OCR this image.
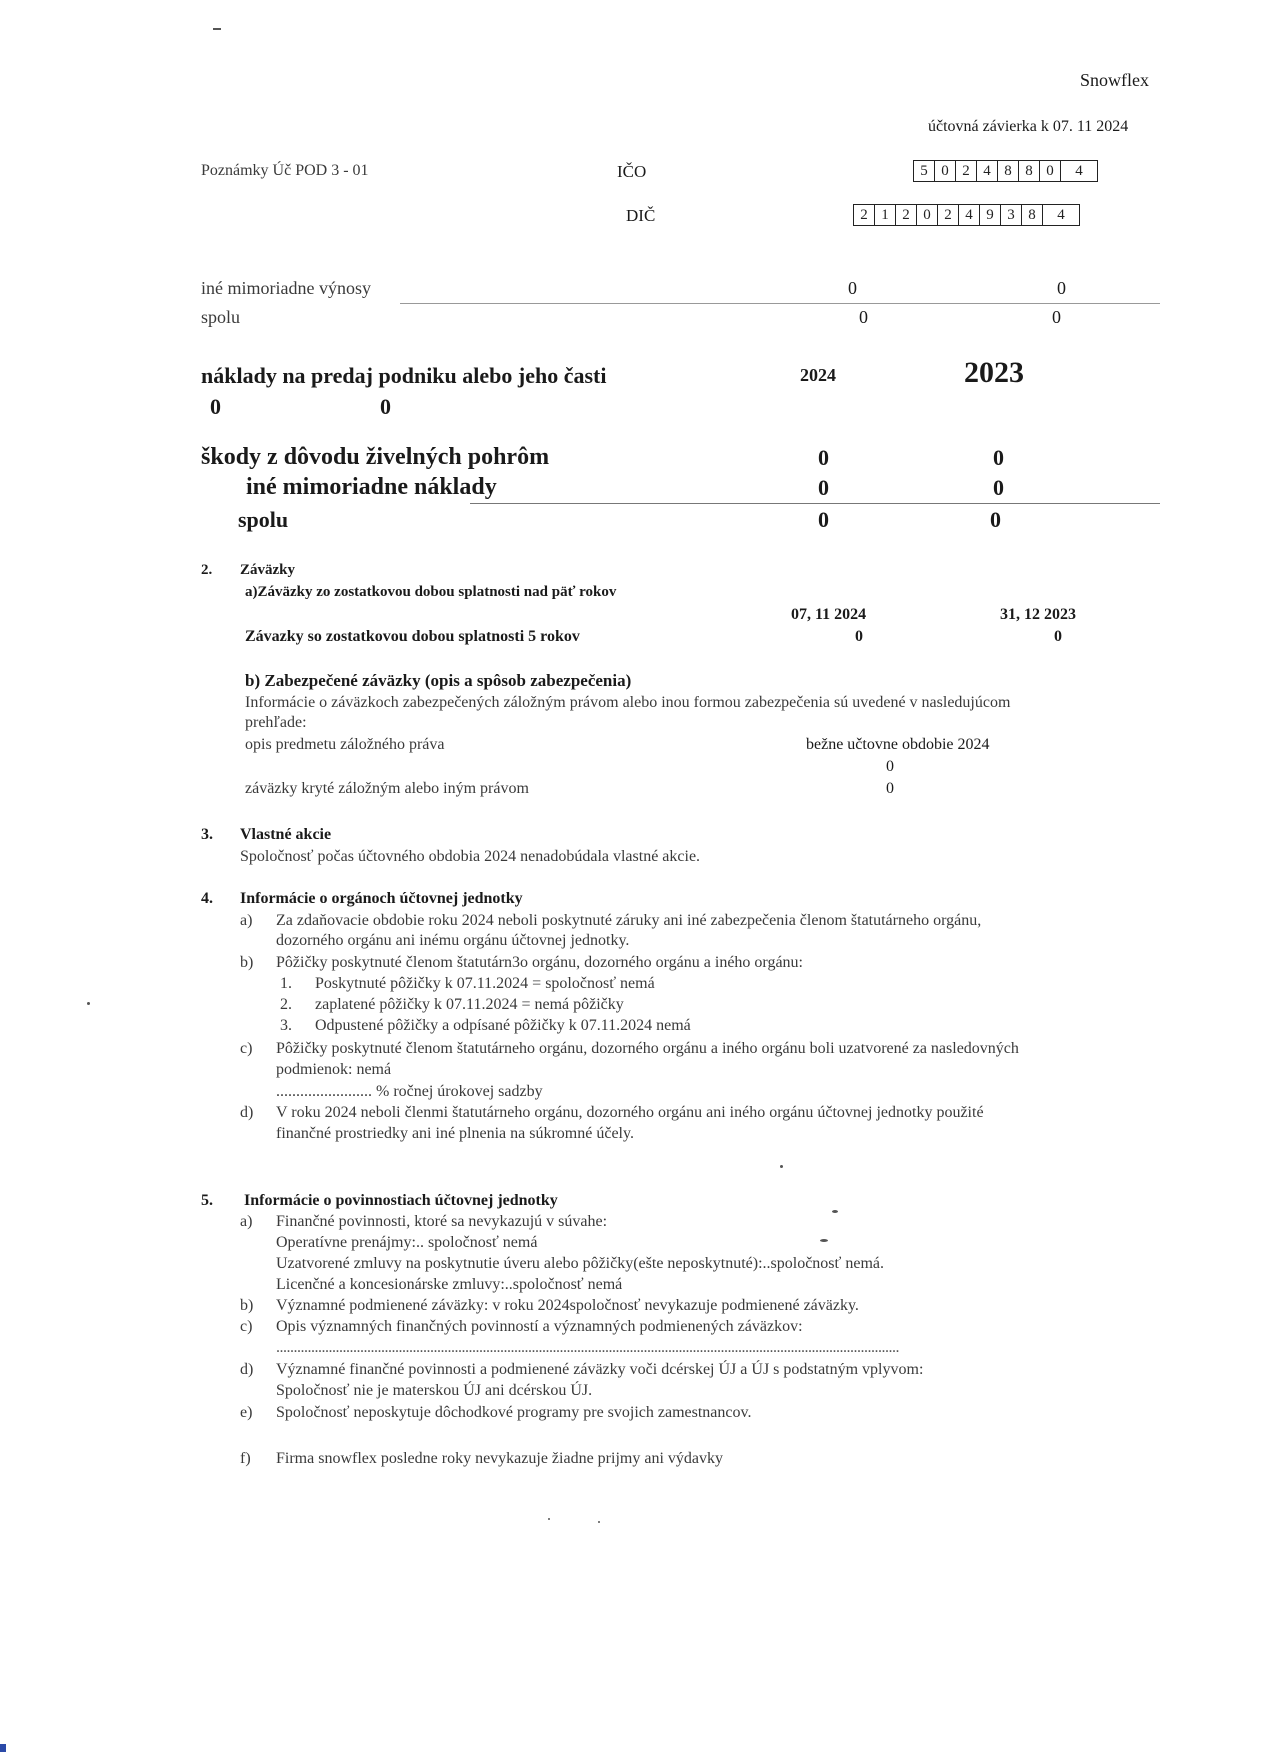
Snowflex
účtovná závierka k 07. 11 2024
Poznámky Úč POD 3 - 01	IČO	5 0 2 4 8 8 0	4
DIČ	2 1 2 0 2 4 9 3 8	4
iné mimoriadne výnosy	0	0
spolu	0	0
náklady na predaj podniku alebo jeho časti	2024	2023
0	0
škody z dôvodu živelných pohrôm	0	0
iné mimoriadne náklady	0	0
spolu	0	0
2. Záväzky
a)Záväzky zo zostatkovou dobou splatnosti nad päť rokov
07, 11 2024	31, 12 2023
Závazky so zostatkovou dobou splatnosti 5 rokov	0	0
b) Zabezpečené záväzky (opis a spôsob zabezpečenia)
Informácie o záväzkoch zabezpečených záložným právom alebo inou formou zabezpečenia sú uvedené v nasledujúcom
prehľade:
opis predmetu záložného práva	bežne učtovne obdobie 2024
0
záväzky kryté záložným alebo iným právom	0
3. Vlastné akcie
Spoločnosť počas účtovného obdobia 2024 nenadobúdala vlastné akcie.
4. Informácie o orgánoch účtovnej jednotky
a) Za zdaňovacie obdobie roku 2024 neboli poskytnuté záruky ani iné zabezpečenia členom štatutárneho orgánu,
dozorného orgánu ani inému orgánu účtovnej jednotky.
b) Pôžičky poskytnuté členom štatutárn3o orgánu, dozorného orgánu a iného orgánu:
1. Poskytnuté pôžičky k 07.11.2024 = spoločnosť nemá
2. zaplatené pôžičky k 07.11.2024 = nemá pôžičky
3. Odpustené pôžičky a odpísané pôžičky k 07.11.2024 nemá
c) Pôžičky poskytnuté členom štatutárneho orgánu, dozorného orgánu a iného orgánu boli uzatvorené za nasledovných
podmienok: nemá
........................ % ročnej úrokovej sadzby
d) V roku 2024 neboli členmi štatutárneho orgánu, dozorného orgánu ani iného orgánu účtovnej jednotky použité
finančné prostriedky ani iné plnenia na súkromné účely.
5. Informácie o povinnostiach účtovnej jednotky
a) Finančné povinnosti, ktoré sa nevykazujú v súvahe:
Operatívne prenájmy:.. spoločnosť nemá
Uzatvorené zmluvy na poskytnutie úveru alebo pôžičky(ešte neposkytnuté):..spoločnosť nemá.
Licenčné a koncesionárske zmluvy:..spoločnosť nemá
b) Významné podmienené záväzky: v roku 2024spoločnosť nevykazuje podmienené záväzky.
c) Opis významných finančných povinností a významných podmienených záväzkov:
..................................................................................................................................................................................
d) Významné finančné povinnosti a podmienené záväzky voči dcérskej ÚJ a ÚJ s podstatným vplyvom:
Spoločnosť nie je materskou ÚJ ani dcérskou ÚJ.
e) Spoločnosť neposkytuje dôchodkové programy pre svojich zamestnancov.
f) Firma snowflex posledne roky nevykazuje žiadne prijmy ani výdavky
